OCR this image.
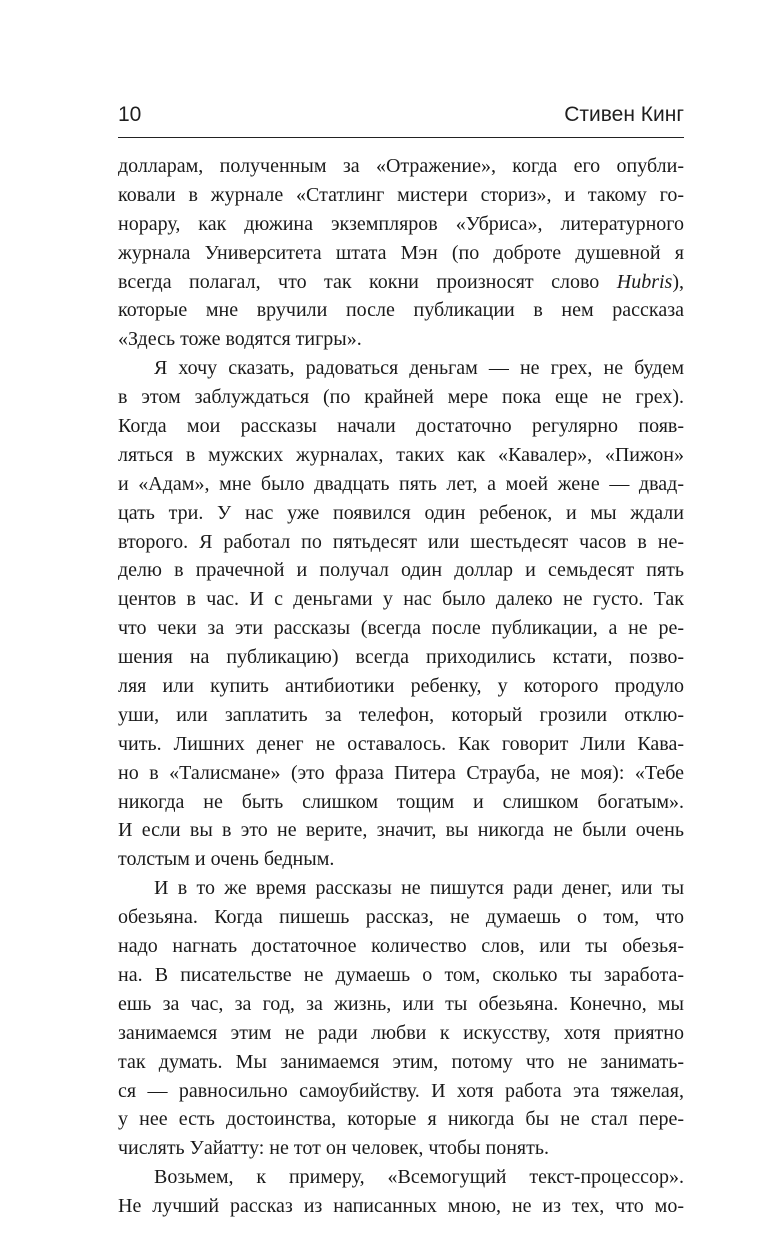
10	Стивен Кинг
долларам, полученным за «Отражение», когда его опубли-
ковали в журнале «Статлинг мистери сториз», и такому го-
норару, как дюжина экземпляров «Убриса», литературного
журнала Университета штата Мэн (по доброте душевной я
всегда полагал, что так кокни произносят слово Hubris),
которые мне вручили после публикации в нем рассказа
«Здесь тоже водятся тигры».
Я хочу сказать, радоваться деньгам — не грех, не будем
в этом заблуждаться (по крайней мере пока еще не грех).
Когда мои рассказы начали достаточно регулярно появ-
ляться в мужских журналах, таких как «Кавалер», «Пижон»
и «Адам», мне было двадцать пять лет, а моей жене — двад-
цать три. У нас уже появился один ребенок, и мы ждали
второго. Я работал по пятьдесят или шестьдесят часов в не-
делю в прачечной и получал один доллар и семьдесят пять
центов в час. И с деньгами у нас было далеко не густо. Так
что чеки за эти рассказы (всегда после публикации, а не ре-
шения на публикацию) всегда приходились кстати, позво-
ляя или купить антибиотики ребенку, у которого продуло
уши, или заплатить за телефон, который грозили отклю-
чить. Лишних денег не оставалось. Как говорит Лили Кава-
но в «Талисмане» (это фраза Питера Страуба, не моя): «Тебе
никогда не быть слишком тощим и слишком богатым».
И если вы в это не верите, значит, вы никогда не были очень
толстым и очень бедным.
И в то же время рассказы не пишутся ради денег, или ты
обезьяна. Когда пишешь рассказ, не думаешь о том, что
надо нагнать достаточное количество слов, или ты обезья-
на. В писательстве не думаешь о том, сколько ты заработа-
ешь за час, за год, за жизнь, или ты обезьяна. Конечно, мы
занимаемся этим не ради любви к искусству, хотя приятно
так думать. Мы занимаемся этим, потому что не занимать-
ся — равносильно самоубийству. И хотя работа эта тяжелая,
у нее есть достоинства, которые я никогда бы не стал пере-
числять Уайатту: не тот он человек, чтобы понять.
Возьмем, к примеру, «Всемогущий текст-процессор».
Не лучший рассказ из написанных мною, не из тех, что мо-
